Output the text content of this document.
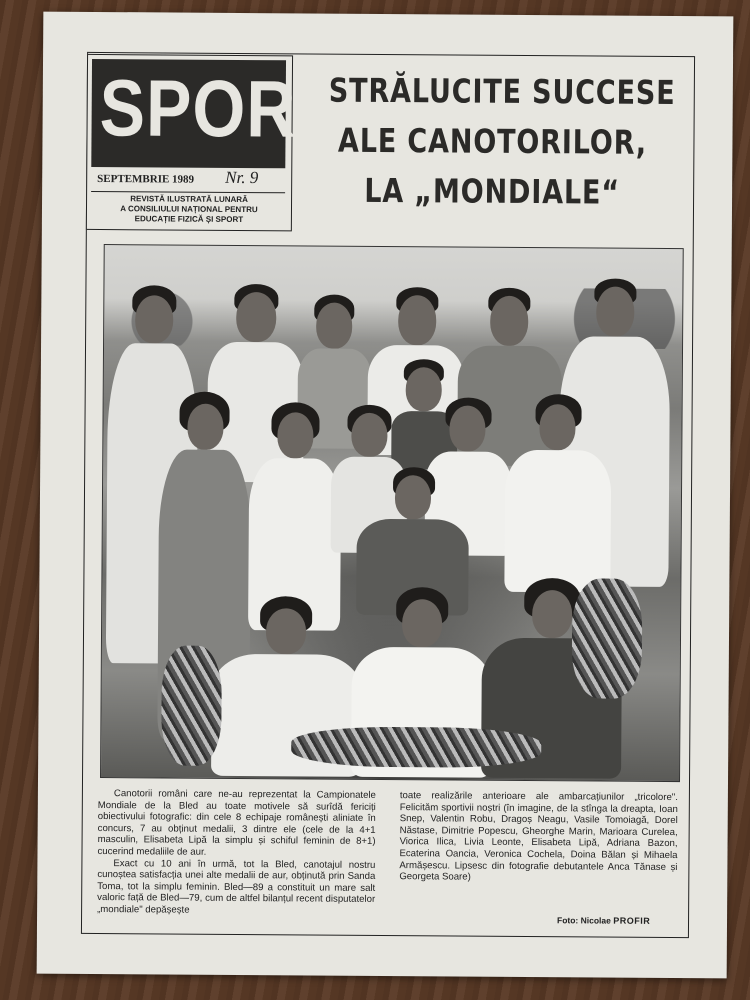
SPORT
SEPTEMBRIE 1989 Nr. 9
REVISTĂ ILUSTRATĂ LUNARĂ
A CONSILIULUI NAȚIONAL PENTRU
EDUCAȚIE FIZICĂ ȘI SPORT
STRĂLUCITE SUCCESE
ALE CANOTORILOR,
LA „MONDIALE“

Canotorii români care ne-au reprezentat la Campionatele Mondiale de la Bled au toate motivele să surîdă fericiți obiectivului fotografic: din cele 8 echipaje românești aliniate în concurs, 7 au obținut medalii, 3 dintre ele (cele de la 4+1 masculin, Elisabeta Lipă la simplu și schiful feminin de 8+1) cucerind medaliile de aur.

Exact cu 10 ani în urmă, tot la Bled, canotajul nostru cunoștea satisfacția unei alte medalii de aur, obținută prin Sanda Toma, tot la simplu feminin. Bled—89 a constituit un mare salt valoric față de Bled—79, cum de altfel bilanțul recent disputatelor „mondiale" depășește

toate realizările anterioare ale ambarcațiunilor „tricolore". Felicităm sportivii noștri (în imagine, de la stînga la dreapta, Ioan Snep, Valentin Robu, Dragoș Neagu, Vasile Tomoiagă, Dorel Năstase, Dimitrie Popescu, Gheorghe Marin, Marioara Curelea, Viorica Ilica, Livia Leonte, Elisabeta Lipă, Adriana Bazon, Ecaterina Oancia, Veronica Cochela, Doina Bălan și Mihaela Armășescu. Lipsesc din fotografie debutantele Anca Tănase și Georgeta Soare)

Foto: Nicolae PROFIR
